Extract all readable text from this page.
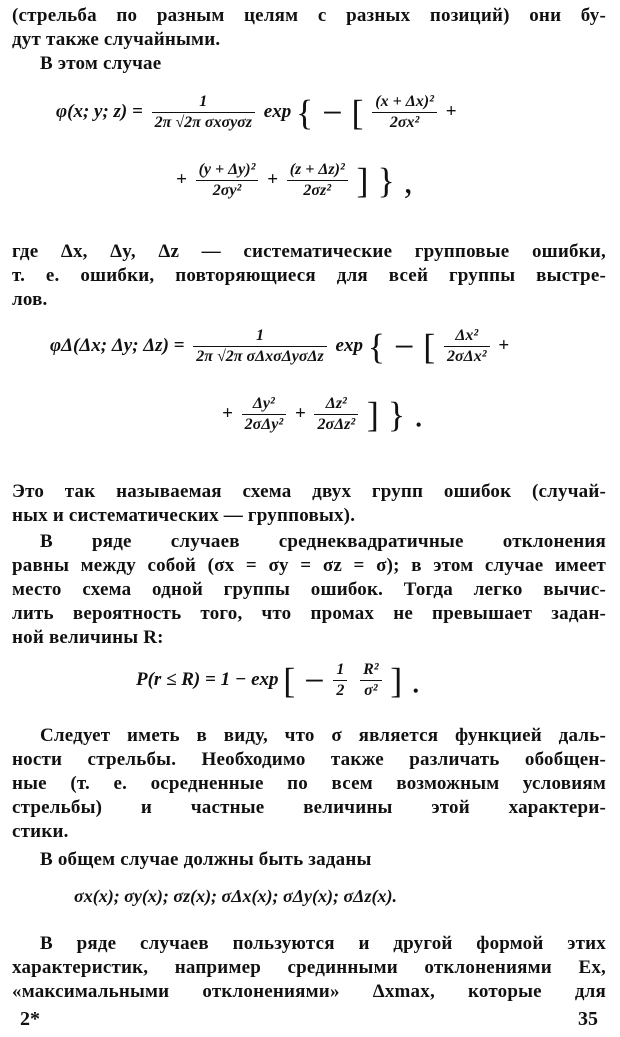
(стрельба по разным целям с разных позиций) они бу-
дут также случайными.
В этом случае
φ(x; y; $z) = \frac{1}{\text{2π √2π σxσyσz}}$ exp { − [ $\frac{\text{(x + Δx)²}}{\text{2σx²}}$ +
+ $\frac{\text{(y + Δy)²}}{\text{2σy²}} + \frac{\text{(z + Δz)²}}{\text{2σz²}}$ ] } ,
где Δx, Δy, Δz — систематические групповые ошибки,
т. е. ошибки, повторяющиеся для всей группы выстре-
лов.
φΔ(Δx; Δy; $\Delta z) = \frac{1}{\text{2π √2π σΔxσΔyσΔz}}$ exp { − [ $\frac{\text{Δx²}}{\text{2σΔx²}}$ +
+ $\frac{\text{Δy²}}{\text{2σΔy²}} + \frac{\text{Δz²}}{\text{2σΔz²}}$ ] } .
Это так называемая схема двух групп ошибок (случай-
ных и систематических — групповых).
В ряде случаев среднеквадратичные отклонения
равны между собой (σx = σy = σz = σ); в этом случае имеет
место схема одной группы ошибок. Тогда легко вычис-
лить вероятность того, что промах не превышает задан-
ной величины R:
P(r ≤ R) = 1 − exp [ − $\frac{1}{2}$
$\frac{\text{R²}}{\text{σ²}}$ ] .
Следует иметь в виду, что σ является функцией даль-
ности стрельбы. Необходимо также различать обобщен-
ные (т. е. осредненные по всем возможным условиям
стрельбы) и частные величины этой характери-
стики.
В общем случае должны быть заданы
σx(x); σy(x); σz(x); σΔx(x); σΔy(x); σΔz(x).
В ряде случаев пользуются и другой формой этих
характеристик, например срединными отклонениями Ex,
«максимальными отклонениями» Δxmax, которые для
2*	35
